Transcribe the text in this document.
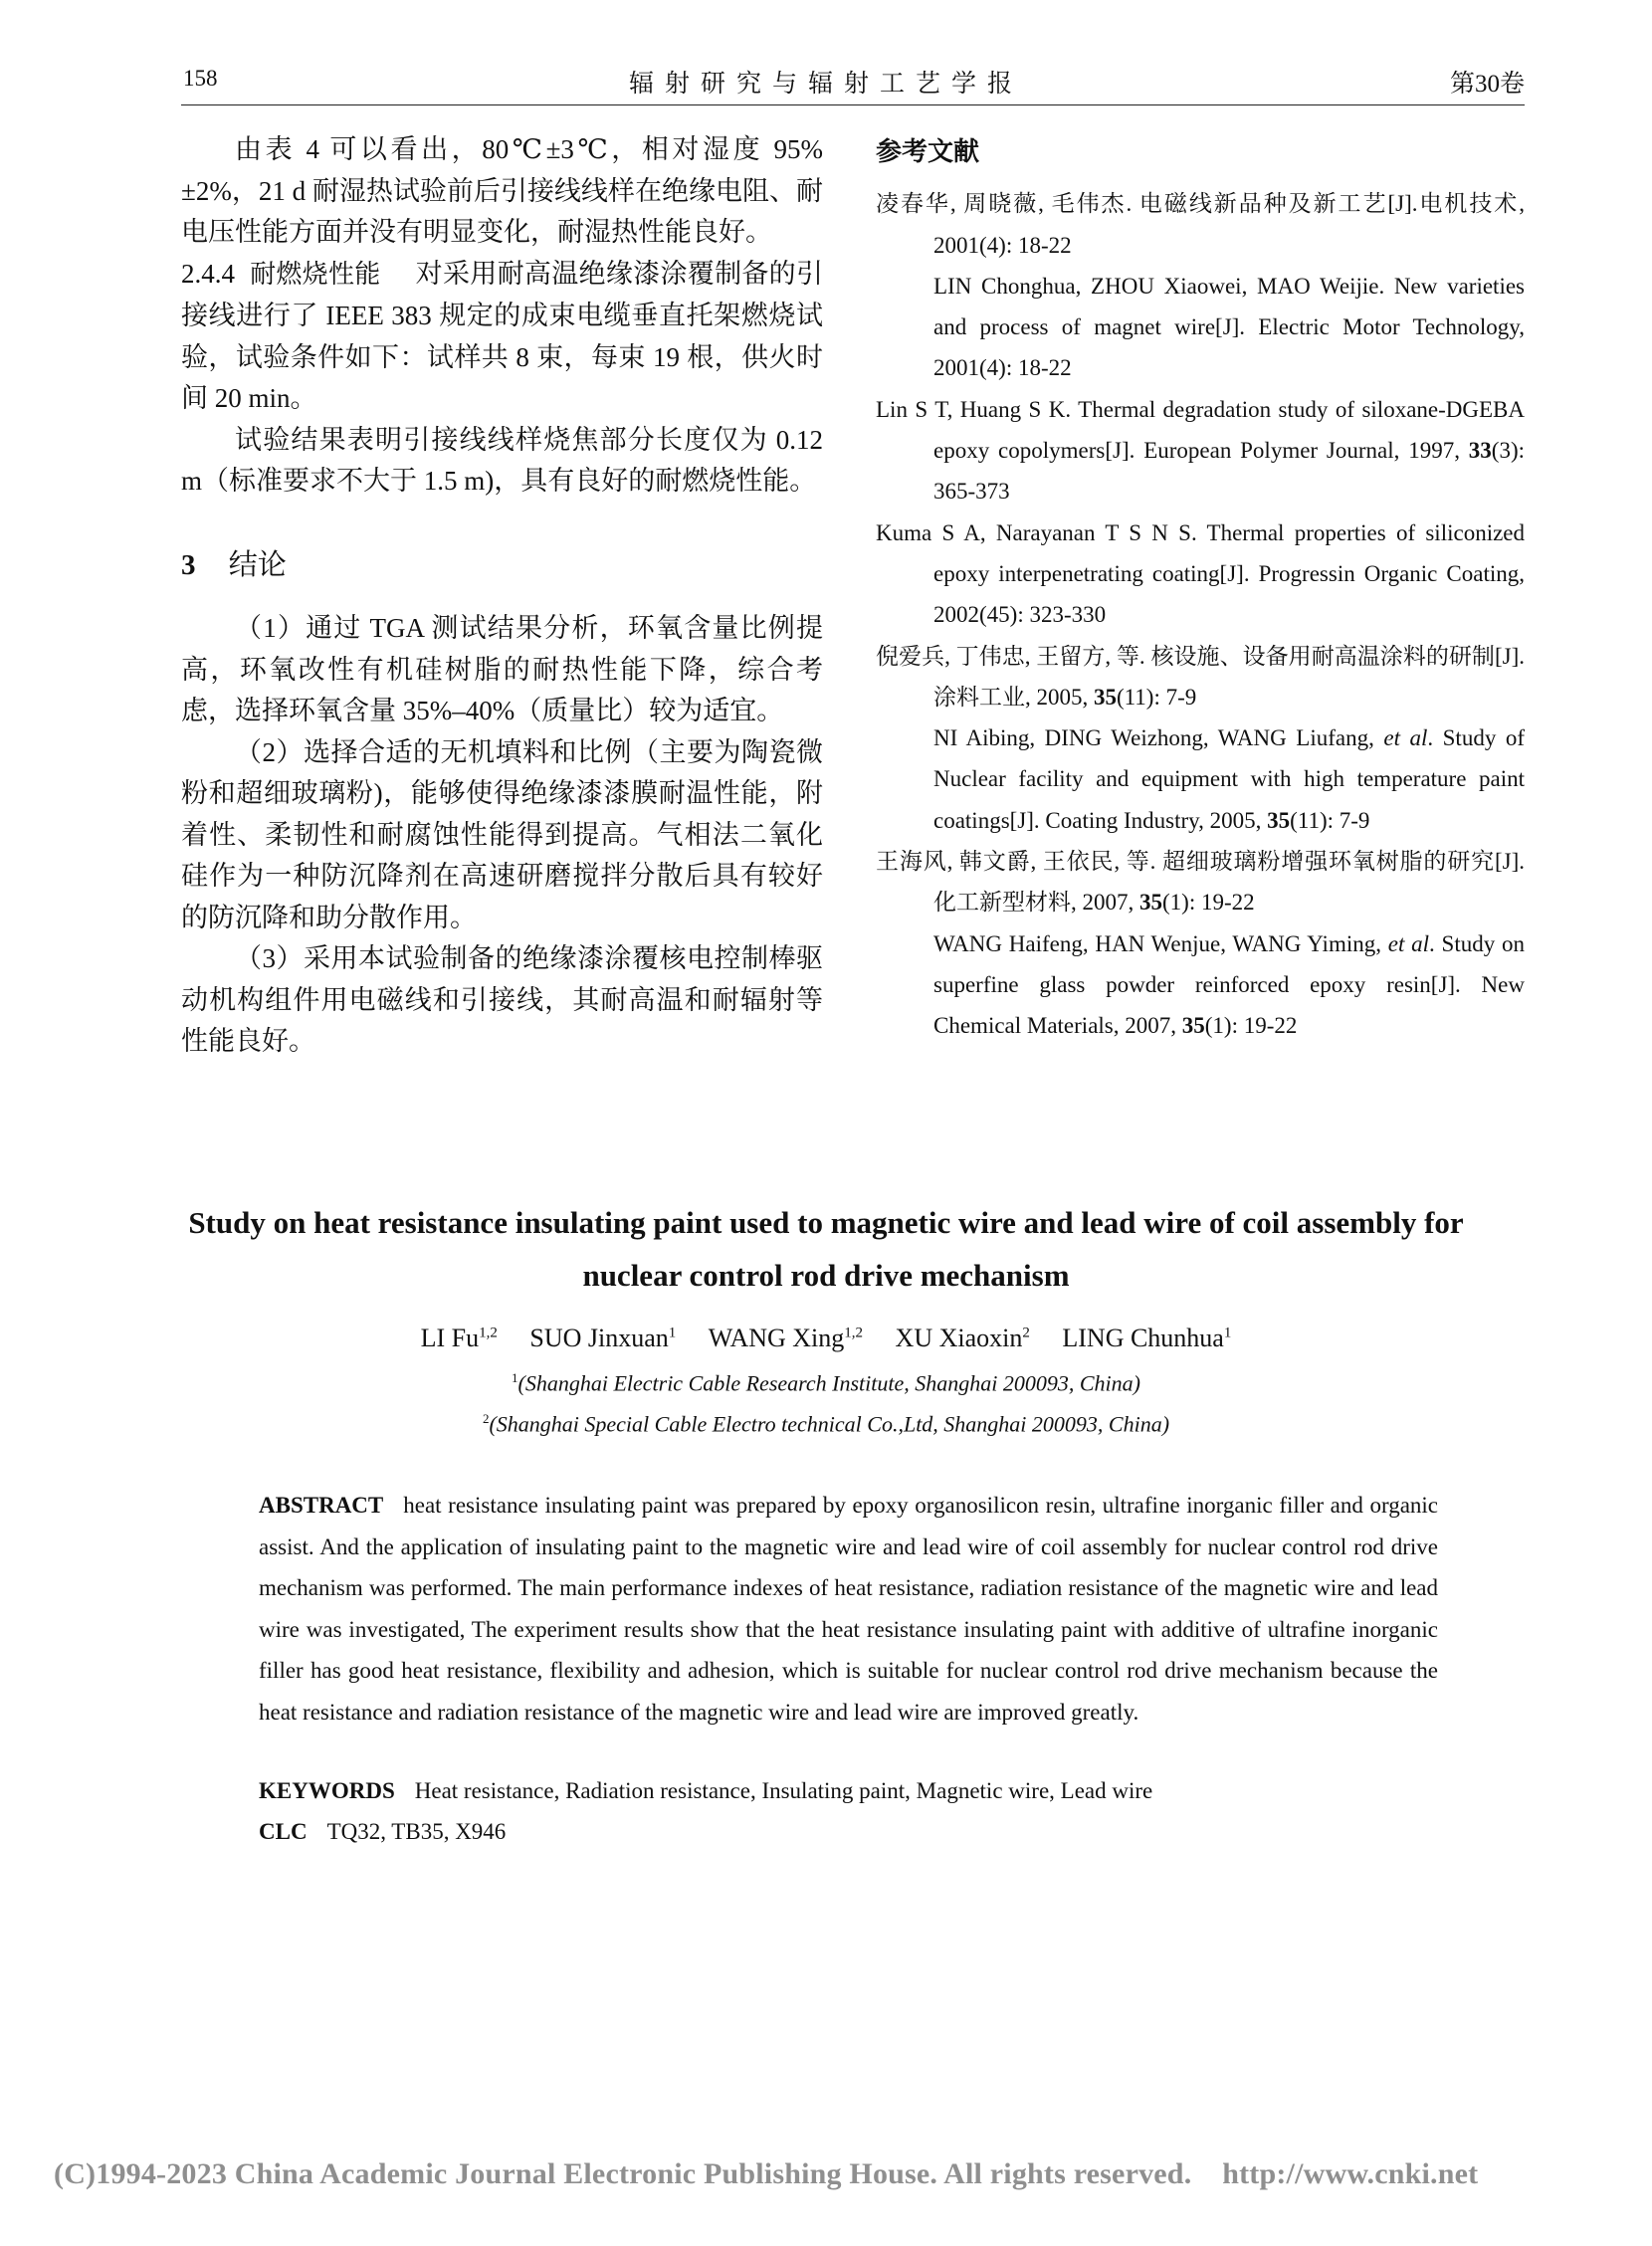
158	辐射研究与辐射工艺学报	第30卷

由表 4 可以看出，80℃±3℃，相对湿度 95%±2%，21 d 耐湿热试验前后引接线线样在绝缘电阻、耐电压性能方面并没有明显变化，耐湿热性能良好。

2.4.4 耐燃烧性能 对采用耐高温绝缘漆涂覆制备的引接线进行了 IEEE 383 规定的成束电缆垂直托架燃烧试验，试验条件如下：试样共 8 束，每束 19 根，供火时间 20 min。

试验结果表明引接线线样烧焦部分长度仅为 0.12 m（标准要求不大于 1.5 m)，具有良好的耐燃烧性能。

3 结论

（1）通过 TGA 测试结果分析，环氧含量比例提高，环氧改性有机硅树脂的耐热性能下降，综合考虑，选择环氧含量 35%–40%（质量比）较为适宜。

（2）选择合适的无机填料和比例（主要为陶瓷微粉和超细玻璃粉)，能够使得绝缘漆漆膜耐温性能，附着性、柔韧性和耐腐蚀性能得到提高。气相法二氧化硅作为一种防沉降剂在高速研磨搅拌分散后具有较好的防沉降和助分散作用。

（3）采用本试验制备的绝缘漆涂覆核电控制棒驱动机构组件用电磁线和引接线，其耐高温和耐辐射等性能良好。

参考文献

凌春华, 周晓薇, 毛伟杰. 电磁线新品种及新工艺[J].电机技术, 2001(4): 18-22
LIN Chonghua, ZHOU Xiaowei, MAO Weijie. New varieties and process of magnet wire[J]. Electric Motor Technology, 2001(4): 18-22

Lin S T, Huang S K. Thermal degradation study of siloxane-DGEBA epoxy copolymers[J]. European Polymer Journal, 1997, 33(3): 365-373

Kuma S A, Narayanan T S N S. Thermal properties of siliconized epoxy interpenetrating coating[J]. Progressin Organic Coating, 2002(45): 323-330

倪爱兵, 丁伟忠, 王留方, 等. 核设施、设备用耐高温涂料的研制[J]. 涂料工业, 2005, 35(11): 7-9
NI Aibing, DING Weizhong, WANG Liufang, et al. Study of Nuclear facility and equipment with high temperature paint coatings[J]. Coating Industry, 2005, 35(11): 7-9

王海风, 韩文爵, 王依民, 等. 超细玻璃粉增强环氧树脂的研究[J]. 化工新型材料, 2007, 35(1): 19-22
WANG Haifeng, HAN Wenjue, WANG Yiming, et al. Study on superfine glass powder reinforced epoxy resin[J]. New Chemical Materials, 2007, 35(1): 19-22

Study on heat resistance insulating paint used to magnetic wire and lead wire of coil assembly for
nuclear control rod drive mechanism
LI Fu$^{1,2}$ SUO Jinxuan$^1$ WANG Xing$^{1,2}$ XU Xiaoxin$^2$ LING Chunhua$^1$
$^1$(Shanghai Electric Cable Research Institute, Shanghai 200093, China)
$^2$(Shanghai Special Cable Electro technical Co.,Ltd, Shanghai 200093, China)

ABSTRACT heat resistance insulating paint was prepared by epoxy organosilicon resin, ultrafine inorganic filler and organic assist. And the application of insulating paint to the magnetic wire and lead wire of coil assembly for nuclear control rod drive mechanism was performed. The main performance indexes of heat resistance, radiation resistance of the magnetic wire and lead wire was investigated, The experiment results show that the heat resistance insulating paint with additive of ultrafine inorganic filler has good heat resistance, flexibility and adhesion, which is suitable for nuclear control rod drive mechanism because the heat resistance and radiation resistance of the magnetic wire and lead wire are improved greatly.

KEYWORDS Heat resistance, Radiation resistance, Insulating paint, Magnetic wire, Lead wire
CLC TQ32, TB35, X946
(C)1994-2023 China Academic Journal Electronic Publishing House. All rights reserved.    http://www.cnki.net
